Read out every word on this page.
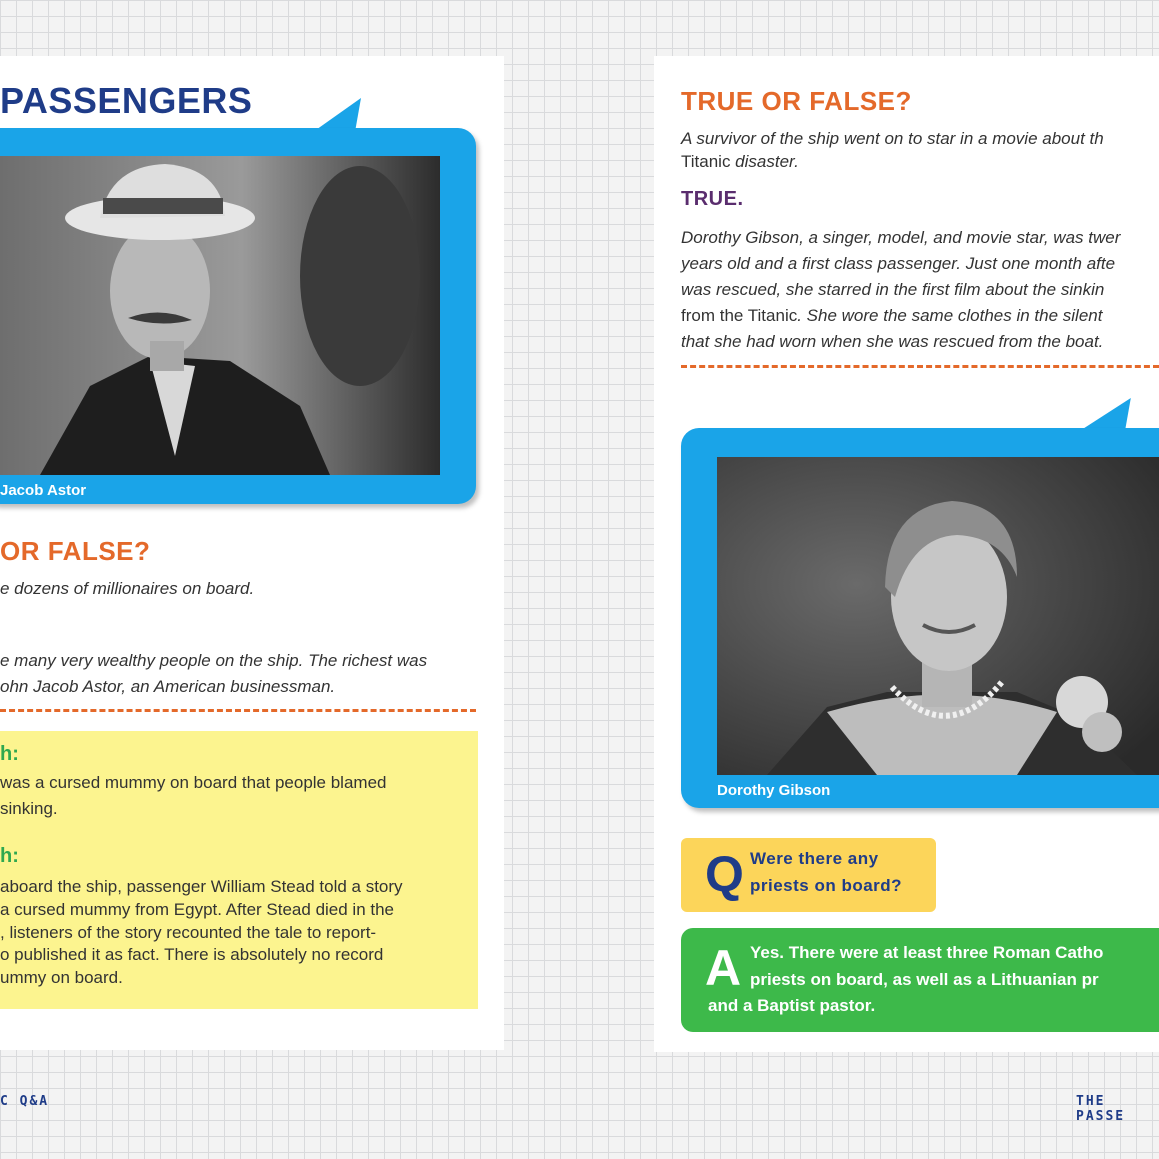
PASSENGERS
Jacob Astor
OR FALSE?
e dozens of millionaires on board.
e many very wealthy people on the ship. The richest was
ohn Jacob Astor, an American businessman.
h:
was a cursed mummy on board that people blamed
sinking.
h:
aboard the ship, passenger William Stead told a story
a cursed mummy from Egypt. After Stead died in the
, listeners of the story recounted the tale to report-
o published it as fact. There is absolutely no record
ummy on board.
TRUE OR FALSE?
A survivor of the ship went on to star in a movie about th
Titanic disaster.
TRUE.
Dorothy Gibson, a singer, model, and movie star, was twer
years old and a first class passenger. Just one month afte
was rescued, she starred in the first film about the sinkin
from the Titanic. She wore the same clothes in the silent
that she had worn when she was rescued from the boat.
Dorothy Gibson
Q Were there any
priests on board?
A Yes. There were at least three Roman Catho
priests on board, as well as a Lithuanian pr
and a Baptist pastor.
C Q&A	THE PASSE
